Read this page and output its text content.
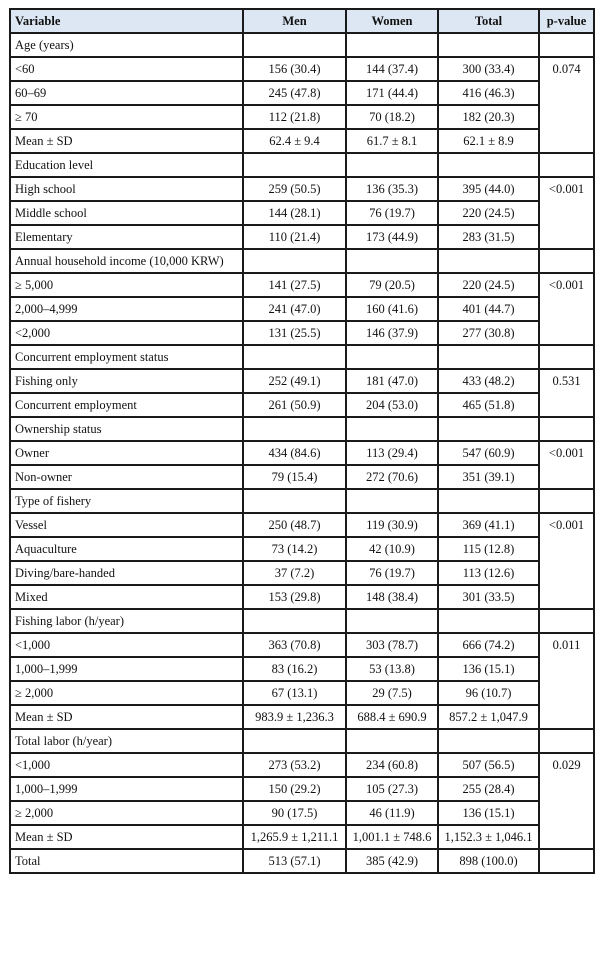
Variable	Men	Women	Total	p-value
Age (years)				
<60	156 (30.4)	144 (37.4)	300 (33.4)	0.074
60–69	245 (47.8)	171 (44.4)	416 (46.3)	
≥ 70	112 (21.8)	70 (18.2)	182 (20.3)	
Mean ± SD	62.4 ± 9.4	61.7 ± 8.1	62.1 ± 8.9	
Education level				
High school	259 (50.5)	136 (35.3)	395 (44.0)	<0.001
Middle school	144 (28.1)	76 (19.7)	220 (24.5)	
Elementary	110 (21.4)	173 (44.9)	283 (31.5)	
Annual household income (10,000 KRW)				
≥ 5,000	141 (27.5)	79 (20.5)	220 (24.5)	<0.001
2,000–4,999	241 (47.0)	160 (41.6)	401 (44.7)	
<2,000	131 (25.5)	146 (37.9)	277 (30.8)	
Concurrent employment status				
Fishing only	252 (49.1)	181 (47.0)	433 (48.2)	0.531
Concurrent employment	261 (50.9)	204 (53.0)	465 (51.8)	
Ownership status				
Owner	434 (84.6)	113 (29.4)	547 (60.9)	<0.001
Non-owner	79 (15.4)	272 (70.6)	351 (39.1)	
Type of fishery				
Vessel	250 (48.7)	119 (30.9)	369 (41.1)	<0.001
Aquaculture	73 (14.2)	42 (10.9)	115 (12.8)	
Diving/bare-handed	37 (7.2)	76 (19.7)	113 (12.6)	
Mixed	153 (29.8)	148 (38.4)	301 (33.5)	
Fishing labor (h/year)				
<1,000	363 (70.8)	303 (78.7)	666 (74.2)	0.011
1,000–1,999	83 (16.2)	53 (13.8)	136 (15.1)	
≥ 2,000	67 (13.1)	29 (7.5)	96 (10.7)	
Mean ± SD	983.9 ± 1,236.3	688.4 ± 690.9	857.2 ± 1,047.9	
Total labor (h/year)				
<1,000	273 (53.2)	234 (60.8)	507 (56.5)	0.029
1,000–1,999	150 (29.2)	105 (27.3)	255 (28.4)	
≥ 2,000	90 (17.5)	46 (11.9)	136 (15.1)	
Mean ± SD	1,265.9 ± 1,211.1	1,001.1 ± 748.6	1,152.3 ± 1,046.1	
Total	513 (57.1)	385 (42.9)	898 (100.0)	
